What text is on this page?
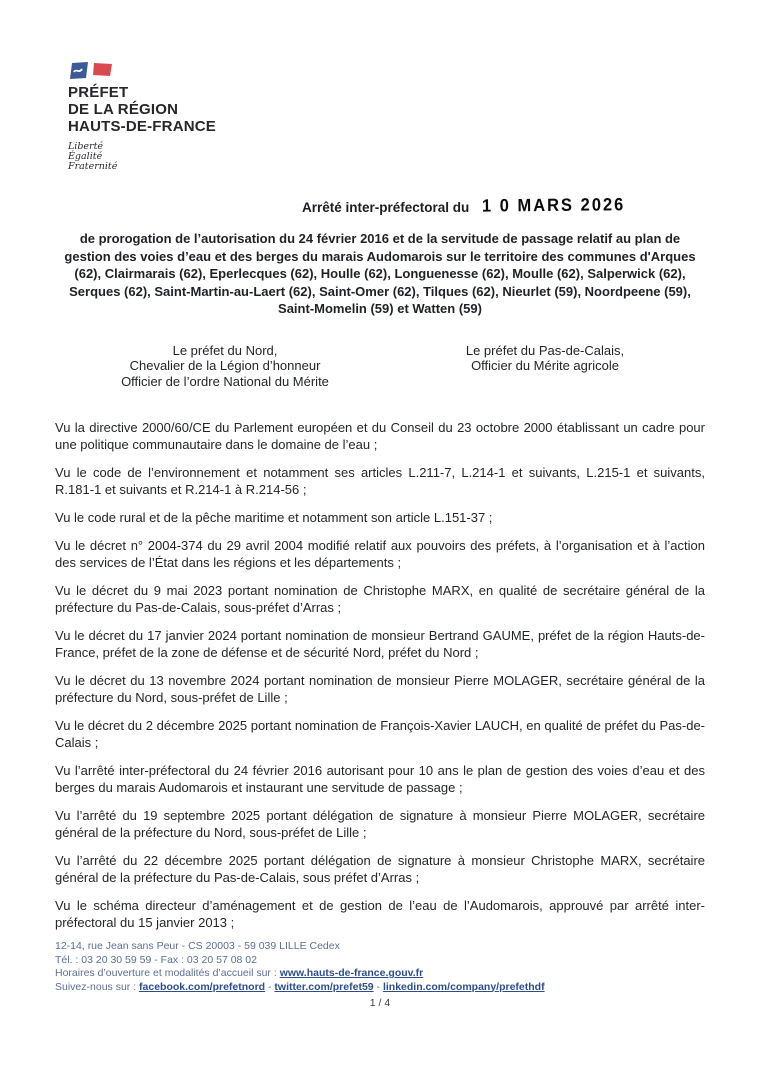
PRÉFET
DE LA RÉGION
HAUTS-DE-FRANCE
Liberté
Égalité
Fraternité
Arrêté inter-préfectoral du 1 0 MARS 2026

de prorogation de l’autorisation du 24 février 2016 et de la servitude de passage relatif au plan de gestion des voies d’eau et des berges du marais Audomarois sur le territoire des communes d'Arques (62), Clairmarais (62), Eperlecques (62), Houlle (62), Longuenesse (62), Moulle (62), Salperwick (62), Serques (62), Saint-Martin-au-Laert (62), Saint-Omer (62), Tilques (62), Nieurlet (59), Noordpeene (59), Saint-Momelin (59) et Watten (59)

Le préfet du Nord,
Chevalier de la Légion d’honneur
Officier de l’ordre National du Mérite
Le préfet du Pas-de-Calais,
Officier du Mérite agricole

Vu la directive 2000/60/CE du Parlement européen et du Conseil du 23 octobre 2000 établissant un cadre pour une politique communautaire dans le domaine de l’eau ;

Vu le code de l’environnement et notamment ses articles L.211-7, L.214-1 et suivants, L.215-1 et suivants, R.181-1 et suivants et R.214-1 à R.214-56 ;

Vu le code rural et de la pêche maritime et notamment son article L.151-37 ;

Vu le décret n° 2004-374 du 29 avril 2004 modifié relatif aux pouvoirs des préfets, à l’organisation et à l’action des services de l’État dans les régions et les départements ;

Vu le décret du 9 mai 2023 portant nomination de Christophe MARX, en qualité de secrétaire général de la préfecture du Pas-de-Calais, sous-préfet d’Arras ;

Vu le décret du 17 janvier 2024 portant nomination de monsieur Bertrand GAUME, préfet de la région Hauts-de-France, préfet de la zone de défense et de sécurité Nord, préfet du Nord ;

Vu le décret du 13 novembre 2024 portant nomination de monsieur Pierre MOLAGER, secrétaire général de la préfecture du Nord, sous-préfet de Lille ;

Vu le décret du 2 décembre 2025 portant nomination de François-Xavier LAUCH, en qualité de préfet du Pas-de-Calais ;

Vu l’arrêté inter-préfectoral du 24 février 2016 autorisant pour 10 ans le plan de gestion des voies d’eau et des berges du marais Audomarois et instaurant une servitude de passage ;

Vu l’arrêté du 19 septembre 2025 portant délégation de signature à monsieur Pierre MOLAGER, secrétaire général de la préfecture du Nord, sous-préfet de Lille ;

Vu l’arrêté du 22 décembre 2025 portant délégation de signature à monsieur Christophe MARX, secrétaire général de la préfecture du Pas-de-Calais, sous préfet d’Arras ;

Vu le schéma directeur d’aménagement et de gestion de l’eau de l’Audomarois, approuvé par arrêté inter-préfectoral du 15 janvier 2013 ;

12-14, rue Jean sans Peur - CS 20003 - 59 039 LILLE Cedex
Tél. : 03 20 30 59 59 - Fax : 03 20 57 08 02
Horaires d’ouverture et modalités d’accueil sur : www.hauts-de-france.gouv.fr
Suivez-nous sur : facebook.com/prefetnord - twitter.com/prefet59 - linkedin.com/company/prefethdf
1 / 4
